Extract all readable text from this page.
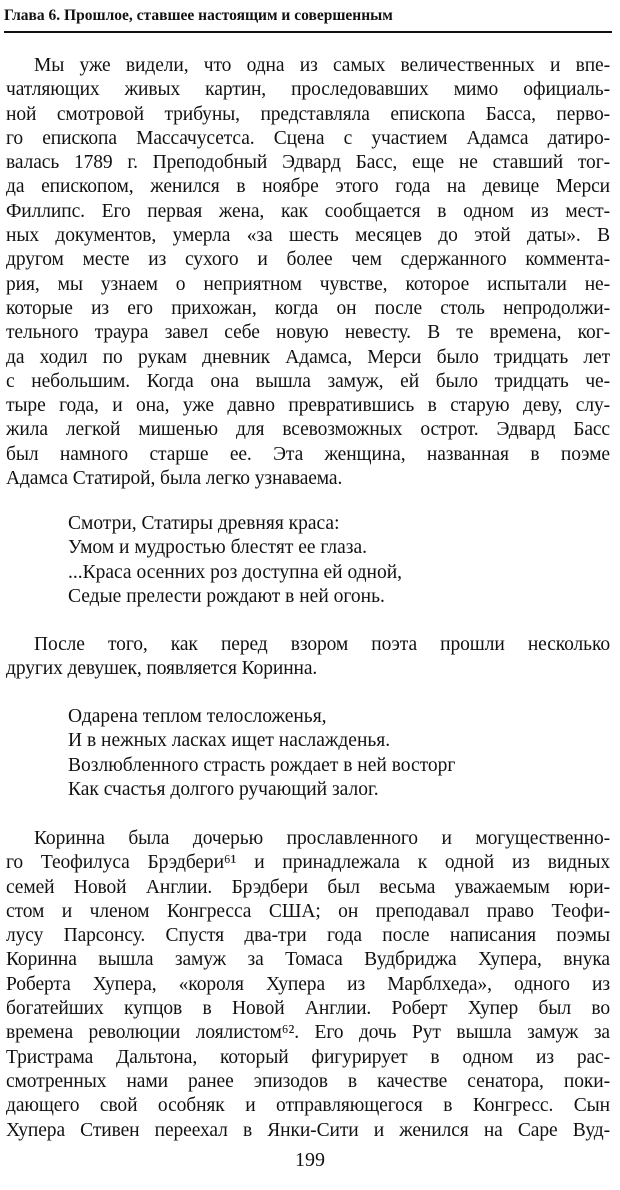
Глава 6. Прошлое, ставшее настоящим и совершенным
Мы уже видели, что одна из самых величественных и впе-
чатляющих живых картин, проследовавших мимо официаль-
ной смотровой трибуны, представляла епископа Басса, перво-
го епископа Массачусетса. Сцена с участием Адамса датиро-
валась 1789 г. Преподобный Эдвард Басс, еще не ставший тог-
да епископом, женился в ноябре этого года на девице Мерси
Филлипс. Его первая жена, как сообщается в одном из мест-
ных документов, умерла «за шесть месяцев до этой даты». В
другом месте из сухого и более чем сдержанного коммента-
рия, мы узнаем о неприятном чувстве, которое испытали не-
которые из его прихожан, когда он после столь непродолжи-
тельного траура завел себе новую невесту. В те времена, ког-
да ходил по рукам дневник Адамса, Мерси было тридцать лет
с небольшим. Когда она вышла замуж, ей было тридцать че-
тыре года, и она, уже давно превратившись в старую деву, слу-
жила легкой мишенью для всевозможных острот. Эдвард Басс
был намного старше ее. Эта женщина, названная в поэме
Адамса Статирой, была легко узнаваема.
Смотри, Статиры древняя краса:
Умом и мудростью блестят ее глаза.
...Краса осенних роз доступна ей одной,
Седые прелести рождают в ней огонь.
После того, как перед взором поэта прошли несколько
других девушек, появляется Коринна.
Одарена теплом телосложенья,
И в нежных ласках ищет наслажденья.
Возлюбленного страсть рождает в ней восторг
Как счастья долгого ручающий залог.
Коринна была дочерью прославленного и могущественно-
го Теофилуса Брэдбери⁶¹ и принадлежала к одной из видных
семей Новой Англии. Брэдбери был весьма уважаемым юри-
стом и членом Конгресса США; он преподавал право Теофи-
лусу Парсонсу. Спустя два-три года после написания поэмы
Коринна вышла замуж за Томаса Вудбриджа Хупера, внука
Роберта Хупера, «короля Хупера из Марблхеда», одного из
богатейших купцов в Новой Англии. Роберт Хупер был во
времена революции лоялистом⁶². Его дочь Рут вышла замуж за
Тристрама Дальтона, который фигурирует в одном из рас-
смотренных нами ранее эпизодов в качестве сенатора, поки-
дающего свой особняк и отправляющегося в Конгресс. Сын
Хупера Стивен переехал в Янки-Сити и женился на Саре Вуд-
199
